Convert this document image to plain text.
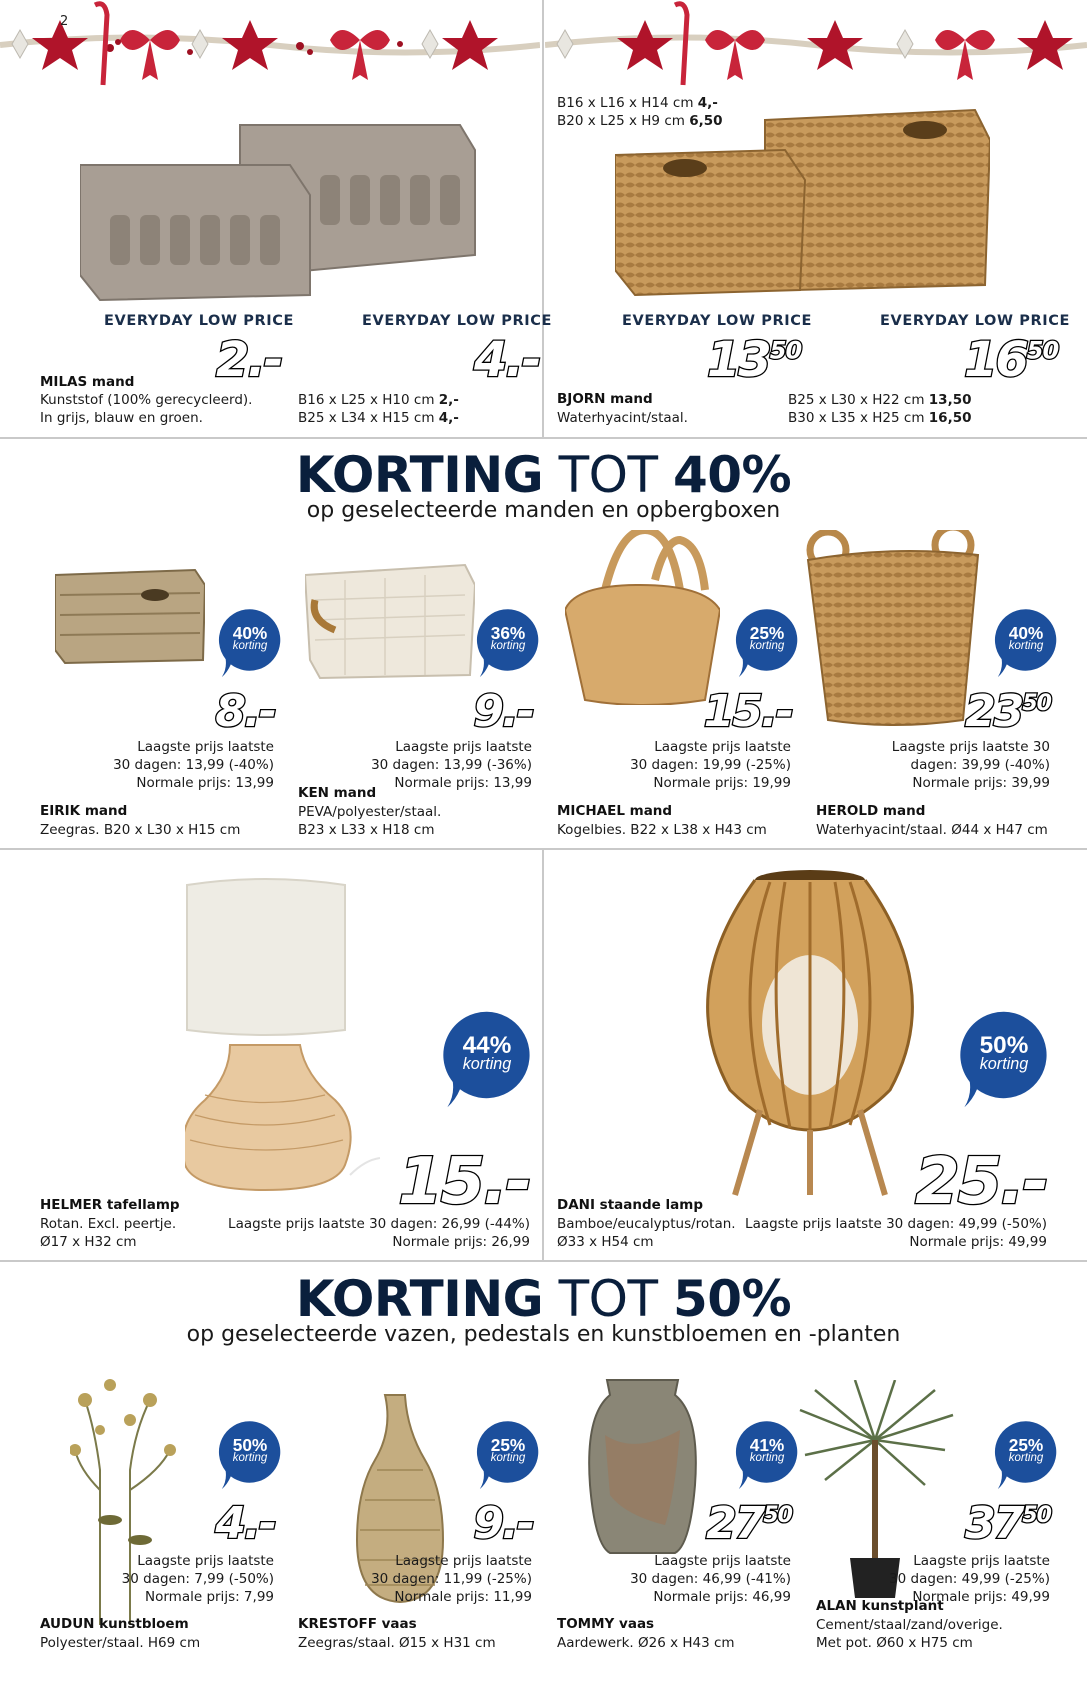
2
EVERYDAY LOW PRICE	EVERYDAY LOW PRICE
2.-	4.-
MILAS mand
Kunststof (100% gerecycleerd).
In grijs, blauw en groen.
B16 x L25 x H10 cm 2,-
B25 x L34 x H15 cm 4,-
B16 x L16 x H14 cm 4,-
B20 x L25 x H9 cm 6,50
EVERYDAY LOW PRICE	EVERYDAY LOW PRICE
$13^{50}$	$16^{50}$
BJORN mand
Waterhyacint/staal.
B25 x L30 x H22 cm 13,50
B30 x L35 x H25 cm 16,50
KORTING TOT 40%
op geselecteerde manden en opbergboxen
40%
korting
8.-
Laagste prijs laatste
30 dagen: 13,99 (-40%)
Normale prijs: 13,99
EIRIK mand
Zeegras. B20 x L30 x H15 cm
36%
korting
9.-
Laagste prijs laatste
30 dagen: 13,99 (-36%)
Normale prijs: 13,99
KEN mand
PEVA/polyester/staal.
B23 x L33 x H18 cm
25%
korting
15.-
Laagste prijs laatste
30 dagen: 19,99 (-25%)
Normale prijs: 19,99
MICHAEL mand
Kogelbies. B22 x L38 x H43 cm
40%
korting
$23^{50}$
Laagste prijs laatste 30
dagen: 39,99 (-40%)
Normale prijs: 39,99
HEROLD mand
Waterhyacint/staal. Ø44 x H47 cm
44%
korting
15.-
Laagste prijs laatste 30 dagen: 26,99 (-44%)
Normale prijs: 26,99
HELMER tafellamp
Rotan. Excl. peertje.
Ø17 x H32 cm
50%
korting
25.-
Laagste prijs laatste 30 dagen: 49,99 (-50%)
Normale prijs: 49,99
DANI staande lamp
Bamboe/eucalyptus/rotan.
Ø33 x H54 cm
KORTING TOT 50%
op geselecteerde vazen, pedestals en kunstbloemen en -planten
50%
korting
4.-
Laagste prijs laatste
30 dagen: 7,99 (-50%)
Normale prijs: 7,99
AUDUN kunstbloem
Polyester/staal. H69 cm
25%
korting
9.-
Laagste prijs laatste
30 dagen: 11,99 (-25%)
Normale prijs: 11,99
KRESTOFF vaas
Zeegras/staal. Ø15 x H31 cm
41%
korting
$27^{50}$
Laagste prijs laatste
30 dagen: 46,99 (-41%)
Normale prijs: 46,99
TOMMY vaas
Aardewerk. Ø26 x H43 cm
25%
korting
$37^{50}$
Laagste prijs laatste
30 dagen: 49,99 (-25%)
Normale prijs: 49,99
ALAN kunstplant
Cement/staal/zand/overige.
Met pot. Ø60 x H75 cm
